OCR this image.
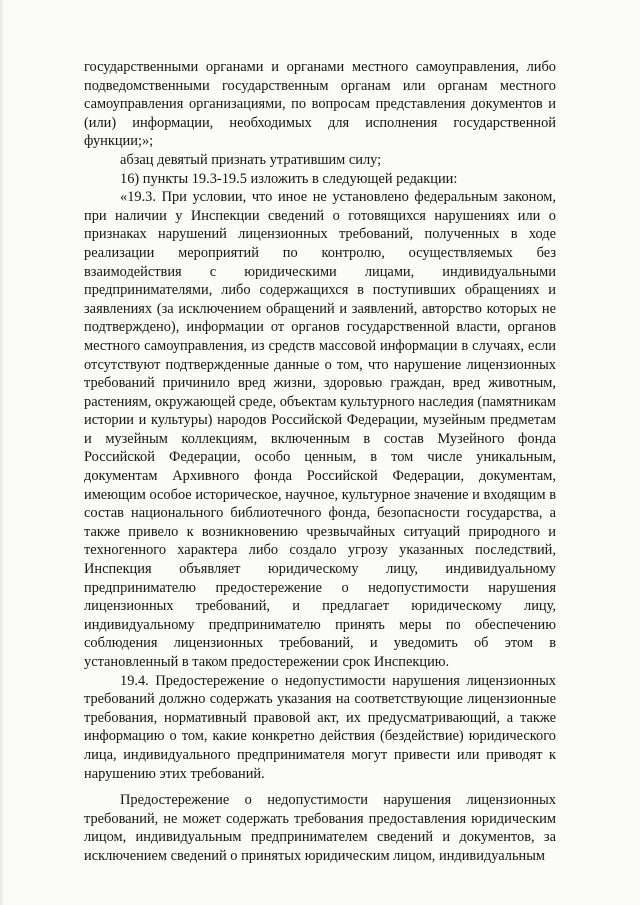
государственными органами и органами местного самоуправления, либо подведомственными государственным органам или органам местного самоуправления организациями, по вопросам представления документов и (или) информации, необходимых для исполнения государственной функции;»;

абзац девятый признать утратившим силу;

16) пункты 19.3-19.5 изложить в следующей редакции:

«19.3. При условии, что иное не установлено федеральным законом, при наличии у Инспекции сведений о готовящихся нарушениях или о признаках нарушений лицензионных требований, полученных в ходе реализации мероприятий по контролю, осуществляемых без взаимодействия с юридическими лицами, индивидуальными предпринимателями, либо содержащихся в поступивших обращениях и заявлениях (за исключением обращений и заявлений, авторство которых не подтверждено), информации от органов государственной власти, органов местного самоуправления, из средств массовой информации в случаях, если отсутствуют подтвержденные данные о том, что нарушение лицензионных требований причинило вред жизни, здоровью граждан, вред животным, растениям, окружающей среде, объектам культурного наследия (памятникам истории и культуры) народов Российской Федерации, музейным предметам и музейным коллекциям, включенным в состав Музейного фонда Российской Федерации, особо ценным, в том числе уникальным, документам Архивного фонда Российской Федерации, документам, имеющим особое историческое, научное, культурное значение и входящим в состав национального библиотечного фонда, безопасности государства, а также привело к возникновению чрезвычайных ситуаций природного и техногенного характера либо создало угрозу указанных последствий, Инспекция объявляет юридическому лицу, индивидуальному предпринимателю предостережение о недопустимости нарушения лицензионных требований, и предлагает юридическому лицу, индивидуальному предпринимателю принять меры по обеспечению соблюдения лицензионных требований, и уведомить об этом в установленный в таком предостережении срок Инспекцию.

19.4. Предостережение о недопустимости нарушения лицензионных требований должно содержать указания на соответствующие лицензионные требования, нормативный правовой акт, их предусматривающий, а также информацию о том, какие конкретно действия (бездействие) юридического лица, индивидуального предпринимателя могут привести или приводят к нарушению этих требований.

Предостережение о недопустимости нарушения лицензионных требований, не может содержать требования предоставления юридическим лицом, индивидуальным предпринимателем сведений и документов, за исключением сведений о принятых юридическим лицом, индивидуальным
